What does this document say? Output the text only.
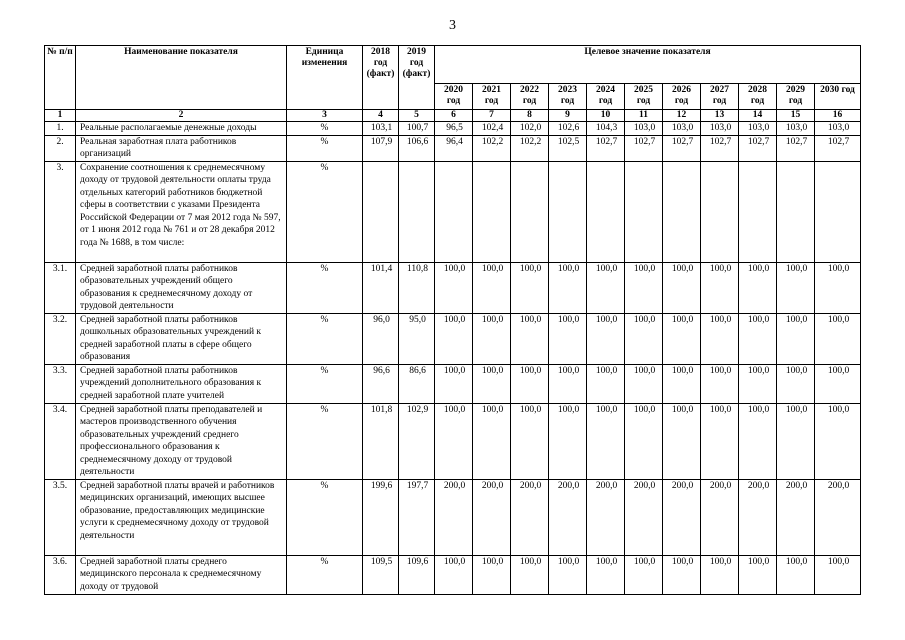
3
№ п/п	Наименование показателя	Единица изменения	2018 год (факт)	2019 год (факт)	Целевое значение показателя										
					2020 год	2021 год	2022 год	2023 год	2024 год	2025 год	2026 год	2027 год	2028 год	2029 год	2030 год
1	2	3	4	5	6	7	8	9	10	11	12	13	14	15	16
1.	Реальные располагаемые денежные доходы	%	103,1	100,7	96,5	102,4	102,0	102,6	104,3	103,0	103,0	103,0	103,0	103,0	103,0
2.	Реальная заработная плата работников организаций	%	107,9	106,6	96,4	102,2	102,2	102,5	102,7	102,7	102,7	102,7	102,7	102,7	102,7
3.	Сохранение соотношения к среднемесячному доходу от трудовой деятельности оплаты труда отдельных категорий работников бюджетной сферы в соответствии с указами Президента Российской Федерации от 7 мая 2012 года № 597, от 1 июня 2012 года № 761 и от 28 декабря 2012 года № 1688, в том числе:	%													
3.1.	Средней заработной платы работников образовательных учреждений общего образования к среднемесячному доходу от трудовой деятельности	%	101,4	110,8	100,0	100,0	100,0	100,0	100,0	100,0	100,0	100,0	100,0	100,0	100,0
3.2.	Средней заработной платы работников дошкольных образовательных учреждений к средней заработной платы в сфере общего образования	%	96,0	95,0	100,0	100,0	100,0	100,0	100,0	100,0	100,0	100,0	100,0	100,0	100,0
3.3.	Средней заработной платы работников учреждений дополнительного образования к средней заработной плате учителей	%	96,6	86,6	100,0	100,0	100,0	100,0	100,0	100,0	100,0	100,0	100,0	100,0	100,0
3.4.	Средней заработной платы преподавателей и мастеров производственного обучения образовательных учреждений среднего профессионального образования к среднемесячному доходу от трудовой деятельности	%	101,8	102,9	100,0	100,0	100,0	100,0	100,0	100,0	100,0	100,0	100,0	100,0	100,0
3.5.	Средней заработной платы врачей и работников медицинских организаций, имеющих высшее образование, предоставляющих медицинские услуги к среднемесячному доходу от трудовой деятельности	%	199,6	197,7	200,0	200,0	200,0	200,0	200,0	200,0	200,0	200,0	200,0	200,0	200,0
3.6.	Средней заработной платы среднего медицинского персонала к среднемесячному доходу от трудовой	%	109,5	109,6	100,0	100,0	100,0	100,0	100,0	100,0	100,0	100,0	100,0	100,0	100,0
